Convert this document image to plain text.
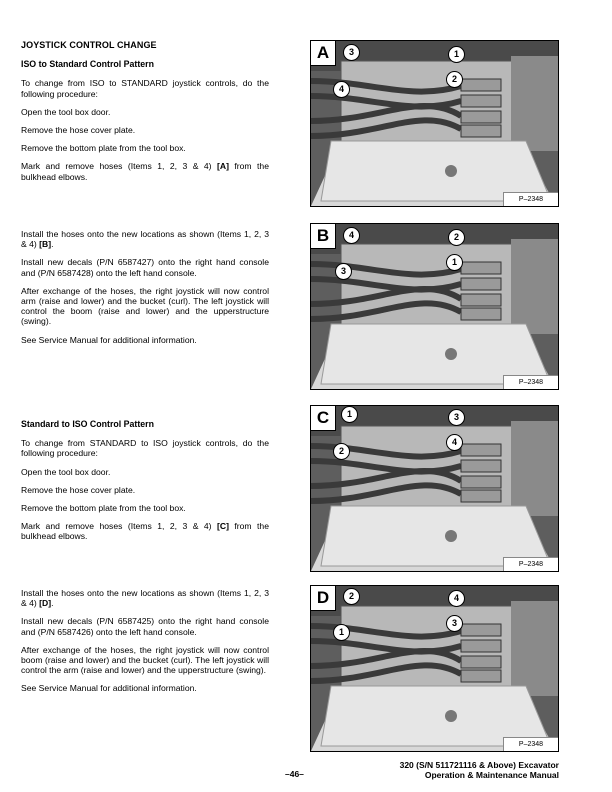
JOYSTICK CONTROL CHANGE
ISO to Standard Control Pattern

To change from ISO to STANDARD joystick controls, do the following procedure:

Open the tool box door.

Remove the hose cover plate.

Remove the bottom plate from the tool box.

Mark and remove hoses (Items 1, 2, 3 & 4) [A] from the bulkhead elbows.

Install the hoses onto the new locations as shown (Items 1, 2, 3 & 4) [B].

Install new decals (P/N 6587427) onto the right hand console and (P/N 6587428) onto the left hand console.

After exchange of the hoses, the right joystick will now control arm (raise and lower) and the bucket (curl). The left joystick will control the boom (raise and lower) and the upperstructure (swing).

See Service Manual for additional information.

Standard to ISO Control Pattern

To change from STANDARD to ISO joystick controls, do the following procedure:

Open the tool box door.

Remove the hose cover plate.

Remove the bottom plate from the tool box.

Mark and remove hoses (Items 1, 2, 3 & 4) [C] from the bulkhead elbows.

Install the hoses onto the new locations as shown (Items 1, 2, 3 & 4) [D].

Install new decals (P/N 6587425) onto the right hand console and (P/N 6587426) onto the left hand console.

After exchange of the hoses, the right joystick will now control boom (raise and lower) and the bucket (curl). The left joystick will control the arm (raise and lower) and the upperstructure (swing).

See Service Manual for additional information.

A	3
4
1
2
P–2348
B	4
3
2
1
P–2348
C	1
2
3
4
P–2348
D	2
1
4
3
P–2348
–46–
320 (S/N 511721116 & Above) Excavator
Operation & Maintenance Manual
